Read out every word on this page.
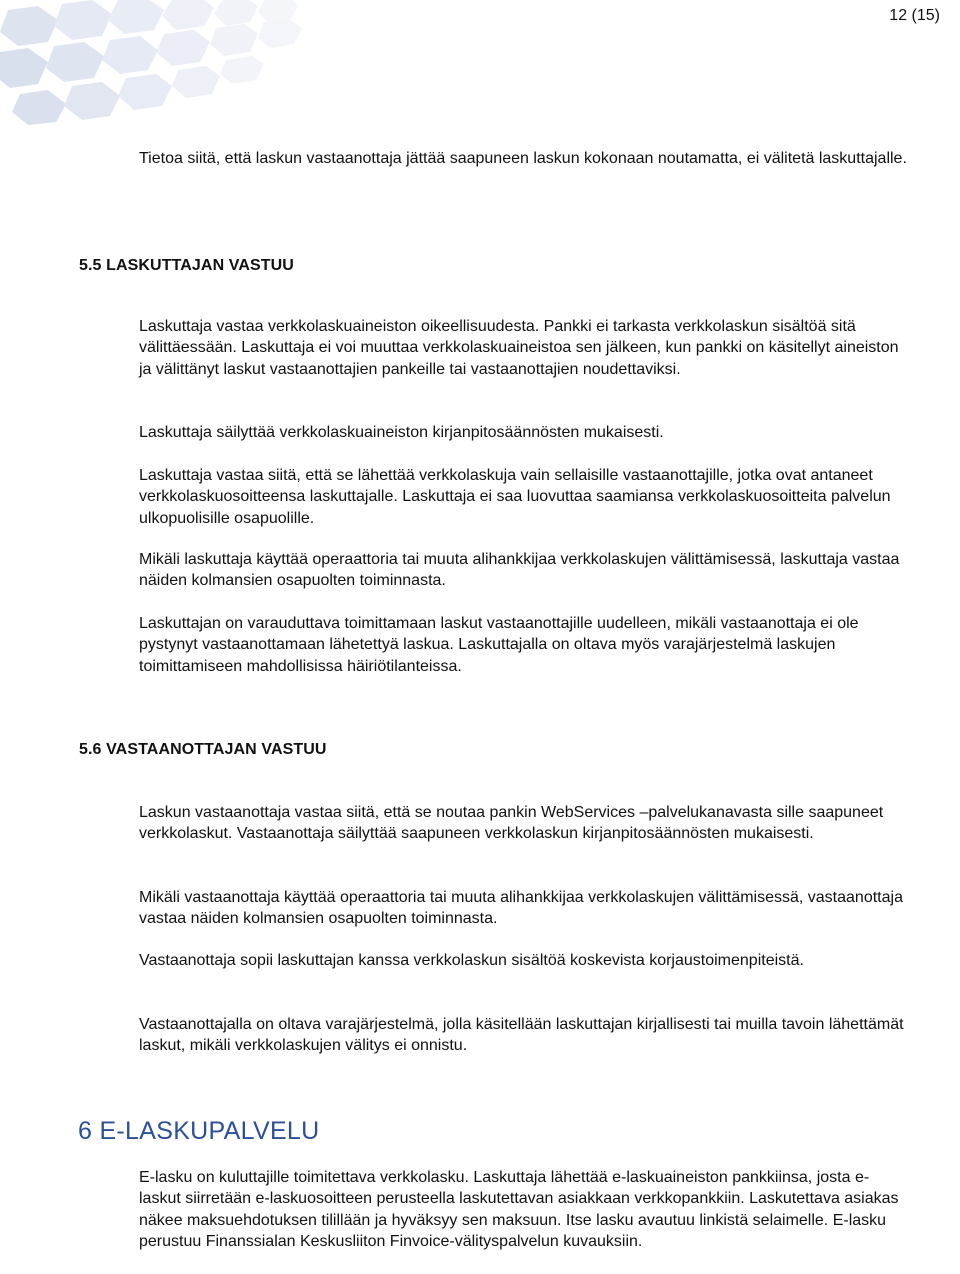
12 (15)
Tietoa siitä, että laskun vastaanottaja jättää saapuneen laskun kokonaan noutamatta, ei välitetä laskuttajalle.
5.5 LASKUTTAJAN VASTUU
Laskuttaja vastaa verkkolaskuaineiston oikeellisuudesta. Pankki ei tarkasta verkkolaskun sisältöä sitä välittäessään. Laskuttaja ei voi muuttaa verkkolaskuaineistoa sen jälkeen, kun pankki on käsitellyt aineiston ja välittänyt laskut vastaanottajien pankeille tai vastaanottajien noudettaviksi.
Laskuttaja säilyttää verkkolaskuaineiston kirjanpitosäännösten mukaisesti.
Laskuttaja vastaa siitä, että se lähettää verkkolaskuja vain sellaisille vastaanottajille, jotka ovat antaneet verkkolaskuosoitteensa laskuttajalle. Laskuttaja ei saa luovuttaa saamiansa verkkolaskuosoitteita palvelun ulkopuolisille osapuolille.
Mikäli laskuttaja käyttää operaattoria tai muuta alihankkijaa verkkolaskujen välittämisessä, laskuttaja vastaa näiden kolmansien osapuolten toiminnasta.
Laskuttajan on varauduttava toimittamaan laskut vastaanottajille uudelleen, mikäli vastaanottaja ei ole pystynyt vastaanottamaan lähetettyä laskua. Laskuttajalla on oltava myös varajärjestelmä laskujen toimittamiseen mahdollisissa häiriötilanteissa.
5.6 VASTAANOTTAJAN VASTUU
Laskun vastaanottaja vastaa siitä, että se noutaa pankin WebServices –palvelukanavasta sille saapuneet verkkolaskut. Vastaanottaja säilyttää saapuneen verkkolaskun kirjanpitosäännösten mukaisesti.
Mikäli vastaanottaja käyttää operaattoria tai muuta alihankkijaa verkkolaskujen välittämisessä, vastaanottaja vastaa näiden kolmansien osapuolten toiminnasta.
Vastaanottaja sopii laskuttajan kanssa verkkolaskun sisältöä koskevista korjaustoimenpiteistä.
Vastaanottajalla on oltava varajärjestelmä, jolla käsitellään laskuttajan kirjallisesti tai muilla tavoin lähettämät laskut, mikäli verkkolaskujen välitys ei onnistu.
6 E-LASKUPALVELU
E-lasku on kuluttajille toimitettava verkkolasku. Laskuttaja lähettää e-laskuaineiston pankkiinsa, josta e-laskut siirretään e-laskuosoitteen perusteella laskutettavan asiakkaan verkkopankkiin. Laskutettava asiakas näkee maksuehdotuksen tilillään ja hyväksyy sen maksuun. Itse lasku avautuu linkistä selaimelle. E-lasku perustuu Finanssialan Keskusliiton Finvoice-välityspalvelun kuvauksiin.
